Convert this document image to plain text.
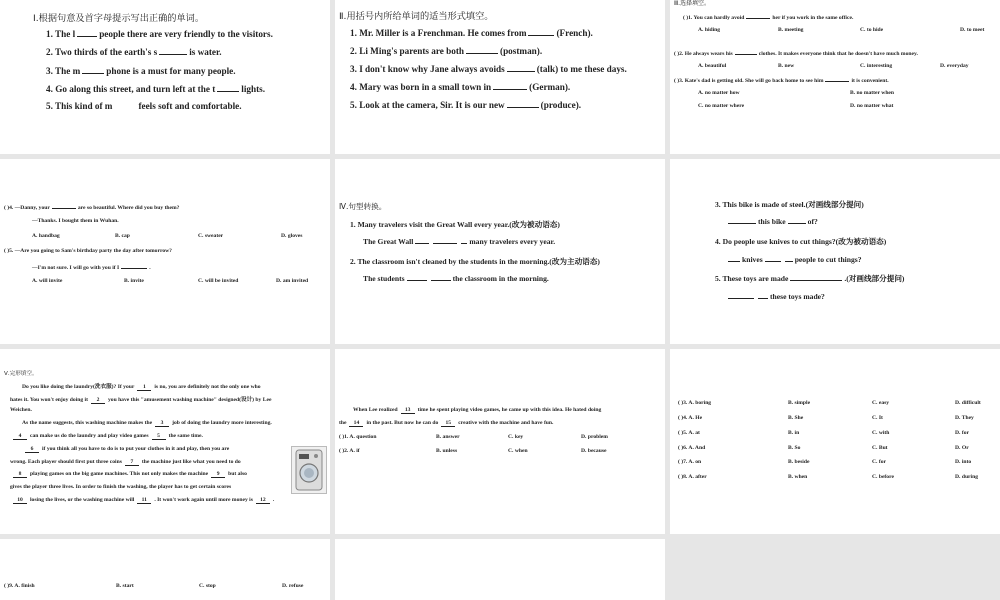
Ⅰ.根据句意及首字母提示写出正确的单词。
1. The l	people there are very friendly to the visitors.
2. Two thirds of the earth's s	is water.
3. The m	phone is a must for many people.
4. Go along this street, and turn left at the t	lights.
5. This kind of m	feels soft and comfortable.
Ⅱ.用括号内所给单词的适当形式填空。
1. Mr. Miller is a Frenchman. He comes from	(French).
2. Li Ming's parents are both	(postman).
3. I don't know why Jane always avoids	(talk) to me these days.
4. Mary was born in a small town in	(German).
5. Look at the camera, Sir. It is our new	(produce).
Ⅲ.选择填空。
( )1. You can hardly avoid	her if you work in the same office.
A. hiding	B. meeting	C. to hide	D. to meet
( )2. He always wears his	clothes. It makes everyone think that he doesn't have much money.
A. beautiful	B. new	C. interesting	D. everyday
( )3. Kate's dad is getting old. She will go back home to see him	it is convenient.
A. no matter how	B. no matter when
C. no matter where	D. no matter what
( )4. —Danny, your	are so beautiful. Where did you buy them?
—Thanks. I bought them in Wuhan.
A. handbag	B. cap	C. sweater	D. gloves
( )5. —Are you going to Sam's birthday party the day after tomorrow?
—I'm not sure. I will go with you if I	.
A. will invite	B. invite	C. will be invited	D. am invited
Ⅳ.句型转换。
1. Many travelers visit the Great Wall every year.(改为被动语态)
The Great Wall	many travelers every year.
2. The classroom isn't cleaned by the students in the morning.(改为主动语态)
The students	the classroom in the morning.
3. This bike is made of steel.(对画线部分提问)
this bike	of?
4. Do people use knives to cut things?(改为被动语态)
knives	people to cut things?
5. These toys are made	.(对画线部分提问)
these toys made?
Ⅴ.完形填空。
Do you like doing the laundry(洗衣服)? If your 1 is no, you are definitely not the only one who
hates it. You won't enjoy doing it 2 you have this "amusement washing machine" designed(设计) by Lee
Weichen.
As the name suggests, this washing machine makes the 3 job of doing the laundry more interesting.
4 can make us do the laundry and play video games 5 the same time.
6 if you think all you have to do is to put your clothes in it and play, then you are
wrong. Each player should first put three coins 7 the machine just like what you need to do
8 playing games on the big game machines. This not only makes the machine 9 but also
gives the player three lives. In order to finish the washing, the player has to get certain scores
10 losing the lives, or the washing machine will 11 . It won't work again until more money is 12 .
When Lee realized 13 time he spent playing video games, he came up with this idea. He hated doing
the 14 in the past. But now he can do 15 creative with the machine and have fun.
( )1. A. question	B. answer	C. key	D. problem
( )2. A. if	B. unless	C. when	D. because
( )3. A. boring	B. simple	C. easy	D. difficult
( )4. A. He	B. She	C. It	D. They
( )5. A. at	B. in	C. with	D. for
( )6. A. And	B. So	C. But	D. Or
( )7. A. on	B. beside	C. for	D. into
( )8. A. after	B. when	C. before	D. during
( )9. A. finish	B. start	C. stop	D. refuse
